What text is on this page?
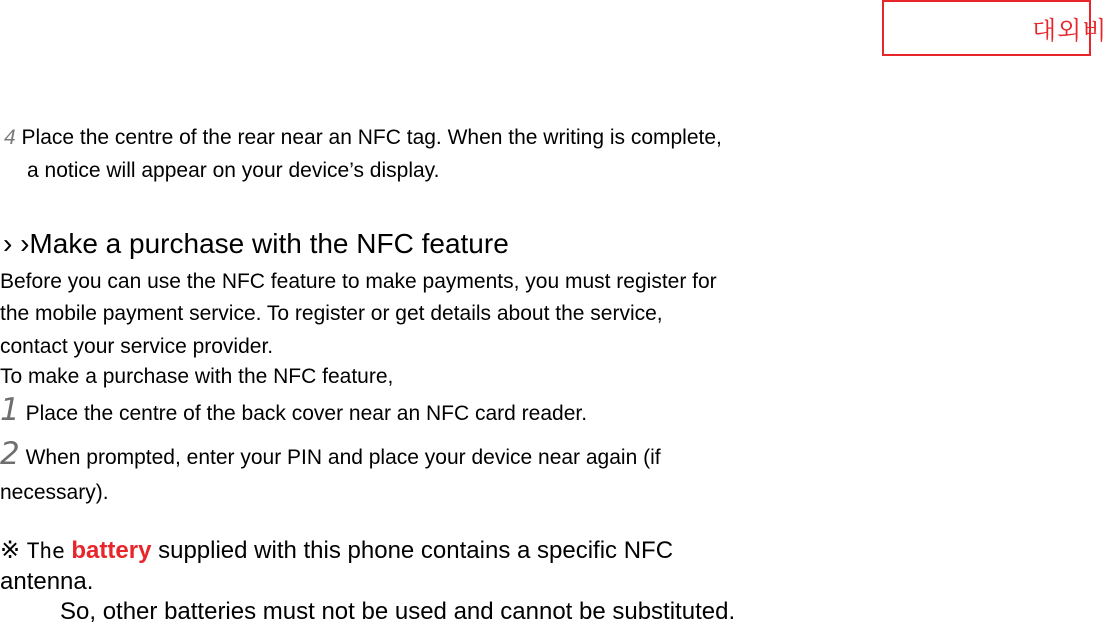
대외비
4 Place the centre of the rear near an NFC tag. When the writing is complete,
a notice will appear on your device’s display.
› ›Make a purchase with the NFC feature
Before you can use the NFC feature to make payments, you must register for
the mobile payment service. To register or get details about the service,
contact your service provider.
To make a purchase with the NFC feature,
1 Place the centre of the back cover near an NFC card reader.
2 When prompted, enter your PIN and place your device near again (if
necessary).
※ The battery supplied with this phone contains a specific NFC
antenna.
So, other batteries must not be used and cannot be substituted.
